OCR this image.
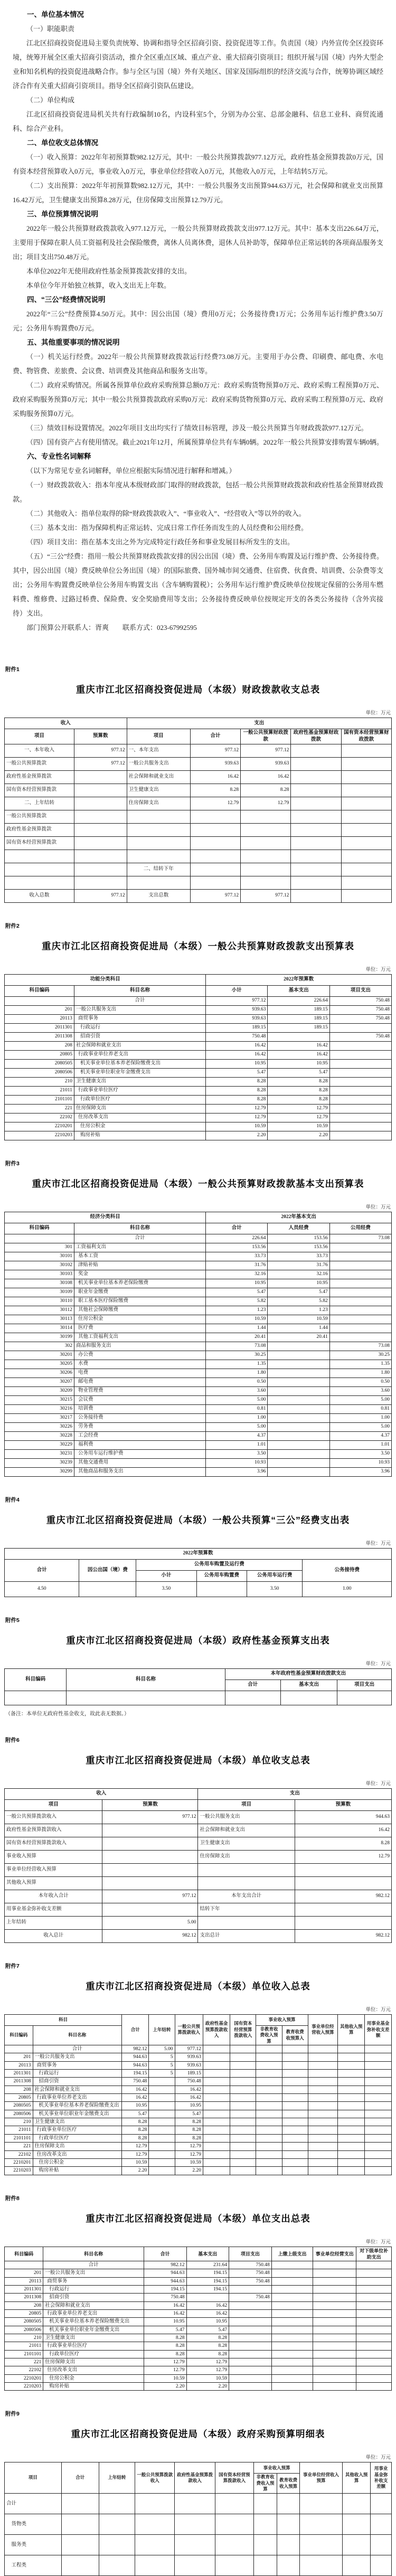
一、单位基本情况

（一）职能职责

江北区招商投资促进局主要负责统筹、协调和指导全区招商引资、投资促进等工作。负责国（境）内外宣传全区投资环境，统筹开展全区重大招商引资活动，推介全区重点区域、重点产业、重大招商引资项目；组织开展与国（境）内外大型企业和知名机构的投资促进战略合作。参与全区与国（境）外有关地区、国家及国际组织的经济交流与合作，统筹协调区域经济合作有关重大招商引资项目。指导全区招商引资队伍建设。

（二）单位构成

江北区招商投资促进局机关共有行政编制10名，内设科室5个，分别为办公室、总部金融科、信息工业科、商贸流通科、综合产业科。

二、单位收支总体情况

（一）收入预算：2022年年初预算数982.12万元，其中：一般公共预算拨款977.12万元，政府性基金预算拨款0万元，国有资本经营预算收入0万元，事业收入0万元，事业单位经营收入0万元，其他收入0万元，上年结转5万元。

（二）支出预算：2022年年初预算数982.12万元，其中：一般公共服务支出预算944.63万元，社会保障和就业支出预算16.42万元，卫生健康支出预算8.28万元，住房保障支出预算12.79万元。

三、单位预算情况说明

2022年一般公共预算财政拨款收入977.12万元，一般公共预算财政拨款支出977.12万元。其中：基本支出226.64万元，主要用于保障在职人员工资福利及社会保险缴费，离休人员离休费，退休人员补助等，保障单位正常运转的各项商品服务支出；项目支出750.48万元。

本单位2022年无使用政府性基金预算拨款安排的支出。

本单位今年开始独立核算，收入支出无上年数。

四、“三公”经费情况说明

2022年“三公”经费预算4.50万元。其中：因公出国（境）费用0万元；公务接待费1万元；公务用车运行维护费3.50万元；公务用车购置费0万元。

五、其他重要事项的情况说明

（一）机关运行经费。2022年一般公共预算财政拨款运行经费73.08万元。主要用于办公费、印刷费、邮电费、水电费、物管费、差旅费、会议费、培训费及其他商品和服务支出等。

（二）政府采购情况。所属各预算单位政府采购预算总额0万元：政府采购货物预算0万元、政府采购工程预算0万元、政府采购服务预算0万元；其中一般公共预算拨款政府采购0万元：政府采购货物预算0万元、政府采购工程预算0万元、政府采购服务预算0万元。

（三）绩效目标设置情况。2022年项目支出均实行了绩效目标管理，涉及一般公共预算当年财政拨款977.12万元。

（四）国有资产占有使用情况。截止2021年12月，所属预算单位共有车辆0辆。2022年一般公共预算安排购置车辆0辆。

六、专业性名词解释

（以下为常见专业名词解释，单位应根据实际情况进行解释和增减。）

（一）财政拨款收入：指本年度从本级财政部门取得的财政拨款，包括一般公共预算财政拨款和政府性基金预算财政拨款。

（二）其他收入：指单位取得的除“财政拨款收入”、“事业收入”、“经营收入”等以外的收入。

（三）基本支出：指为保障机构正常运转、完成日常工作任务而发生的人员经费和公用经费。

（四）项目支出：指在基本支出之外为完成特定行政任务和事业发展目标所发生的支出。

（五）“三公”经费：指用一般公共预算财政拨款安排的因公出国（境）费、公务用车购置及运行维护费、公务接待费。其中，因公出国（境）费反映单位公务出国（境）的国际旅费、国外城市间交通费、住宿费、伙食费、培训费、公杂费等支出；公务用车购置费反映单位公务用车购置支出（含车辆购置税）；公务用车运行维护费反映单位按规定保留的公务用车燃料费、维修费、过路过桥费、保险费、安全奖励费用等支出；公务接待费反映单位按规定开支的各类公务接待（含外宾接待）支出。

部门预算公开联系人：胥爽　　联系方式：023-67992595

附件1
重庆市江北区招商投资促进局（本级）财政拨款收支总表
单位：万元
收入		支出				
项目	预算数	项目	合计	一般公共预算财政拨款	政府性基金预算财政拨款	国有资本经营预算财政拨款
一、本年收入	977.12	一、本年支出	977.12	977.12		
一般公共预算拨款	977.12	一般公共服务支出	939.63	939.63		
政府性基金预算拨款		社会保障和就业支出	16.42	16.42		
国有资本经营预算拨款		卫生健康支出	8.28	8.28		
二、上年结转		住房保障支出	12.79	12.79		
一般公共预算拨款						
政府性基金预算拨款						
国有资本经营预算拨款						

		二、结转下年				

收入总数	977.12	支出总数	977.12	977.12		
附件2
重庆市江北区招商投资促进局（本级）一般公共预算财政拨款支出预算表
单位：万元
功能分类科目		2022年预算数		
科目编码	科目名称	小计	基本支出	项目支出
	合计	977.12	226.64	750.48
201	一般公共服务支出	939.63	189.15	750.48
20113	商贸事务	939.63	189.15	750.48
2011301	行政运行	189.15	189.15	
2011308	招商引资	750.48		750.48
208	社会保障和就业支出	16.42	16.42	
20805	行政事业单位养老支出	16.42	16.42	
2080505	机关事业单位基本养老保险缴费支出	10.95	10.95	
2080506	机关事业单位职业年金缴费支出	5.47	5.47	
210	卫生健康支出	8.28	8.28	
21011	行政事业单位医疗	8.28	8.28	
2101101	行政单位医疗	8.28	8.28	
221	住房保障支出	12.79	12.79	
22102	住房改革支出	12.79	12.79	
2210201	住房公积金	10.59	10.59	
2210203	购房补贴	2.20	2.20	
附件3
重庆市江北区招商投资促进局（本级）一般公共预算财政拨款基本支出预算表
单位：万元
经济分类科目		2022年基本支出		
科目编码	科目名称	合计	人员经费	公用经费
	合计	226.64	153.56	73.08
301	工资福利支出	153.56	153.56	
30101	基本工资	33.73	33.73	
30102	津贴补贴	31.76	31.76	
30103	奖金	32.16	32.16	
30108	机关事业单位基本养老保险缴费	10.95	10.95	
30109	职业年金缴费	5.47	5.47	
30110	职工基本医疗保险缴费	5.82	5.82	
30112	其他社会保障缴费	1.23	1.23	
30113	住房公积金	10.59	10.59	
30114	医疗费	1.44	1.44	
30199	其他工资福利支出	20.41	20.41	
302	商品和服务支出	73.08		73.08
30201	办公费	30.25		30.25
30205	水费	1.35		1.35
30206	电费	1.80		1.80
30207	邮电费	0.50		0.50
30209	物业管理费	3.60		3.60
30215	会议费	5.00		5.00
30216	培训费	0.81		0.81
30217	公务接待费	1.00		1.00
30226	劳务费	5.00		5.00
30228	工会经费	4.37		4.37
30229	福利费	1.01		1.01
30231	公务用车运行维护费	3.50		3.50
30239	其他交通费用	10.93		10.93
30299	其他商品和服务支出	3.96		3.96
附件4
重庆市江北区招商投资促进局（本级）一般公共预算“三公”经费支出表
单位：万元
2022年预算数					
合计	因公出国（境）费	公务用车购置及运行费			公务接待费
		小计	公务用车购置费	公务用车运行费	
4.50		3.50		3.50	1.00
附件5
重庆市江北区招商投资促进局（本级）政府性基金预算支出表
单位：万元
科目编码	科目名称	本年政府性基金预算财政拨款支出		
		合计	基本支出	项目支出

（备注：本单位无政府性基金收支，故此表无数据。）
附件6
重庆市江北区招商投资促进局（本级）单位收支总表
单位：万元
收入		支出	
项目	预算数	项目	预算数
一般公共预算拨款收入	977.12	一般公共服务支出	944.63
政府性基金预算拨款收入		社会保障和就业支出	16.42
国有资本经营预算拨款收入		卫生健康支出	8.28
事业收入预算		住房保障支出	12.79
事业单位经营收入预算			
其他收入预算			
本年收入合计	977.12	本年支出合计	982.12
用事业基金弥补收支差额		结转下年	
上年结转	5.00		
收入总计	982.12	支出总计	982.12
附件7
重庆市江北区招商投资促进局（本级）单位收入总表
单位：万元
科目		合计	上年结转	一般公共预算拨款收入	政府性基金预算拨款收入	国有资本经营预算拨款收入	事业收入预算		事业单位经营收入预算	其他收入预算	用事业基金弥补收支差额
科目编码	科目名称						非教育收费收入预算	教育收费收预算入			
	合计	982.12	5.00	977.12							
201	一般公共服务支出	944.63	5	939.63							
20113	商贸事务	944.63	5	939.63							
2011301	行政运行	194.15	5	189.15							
2011308	招商引资	750.48		750.48							
208	社会保障和就业支出	16.42		16.42							
20805	行政事业单位养老支出	16.42		16.42							
2080505	机关事业单位基本养老保险缴费支出	10.95		10.95							
2080506	机关事业单位职业年金缴费支出	5.47		5.47							
210	卫生健康支出	8.28		8.28							
21011	行政事业单位医疗	8.28		8.28							
2101101	行政单位医疗	8.28		8.28							
221	住房保障支出	12.79		12.79							
22102	住房改革支出	12.79		12.79							
2210201	住房公积金	10.59		10.59							
2210203	购房补贴	2.20		2.20							
附件8
重庆市江北区招商投资促进局（本级）单位支出总表
单位：万元
科目编码	科目名称	合计	基本支出	项目支出	上缴上级支出	事业单位经营支出	对下级单位补助支出
	合计	982.12	231.64	750.48			
201	一般公共服务支出	944.63	194.15	750.48			
20113	商贸事务	944.63	194.15	750.48			
2011301	行政运行	194.15	194.15				
2011308	招商引资	750.48		750.48			
208	社会保障和就业支出	16.42	16.42				
20805	行政事业单位养老支出	16.42	16.42				
2080505	机关事业单位基本养老保险缴费支出	10.95	10.95				
2080506	机关事业单位职业年金缴费支出	5.47	5.47				
210	卫生健康支出	8.28	8.28				
21011	行政事业单位医疗	8.28	8.28				
2101101	行政单位医疗	8.28	8.28				
221	住房保障支出	12.79	12.79				
22102	住房改革支出	12.79	12.79				
2210201	住房公积金	10.59	10.59				
2210203	购房补贴	2.20	2.20				
附件9
重庆市江北区招商投资促进局（本级）政府采购预算明细表
单位：万元
项目	合计	上年结转	一般公共预算拨款收入	政府性基金预算拨款收入	国有资本经营预算拨款收入	事业收入预算		事业单位经营收入预算	其他收入预算	用事业基金弥补收支差额
						非教育收费收入预算	教育收费收入预算			
合计										
　货物类										
　服务类										
　工程类										
